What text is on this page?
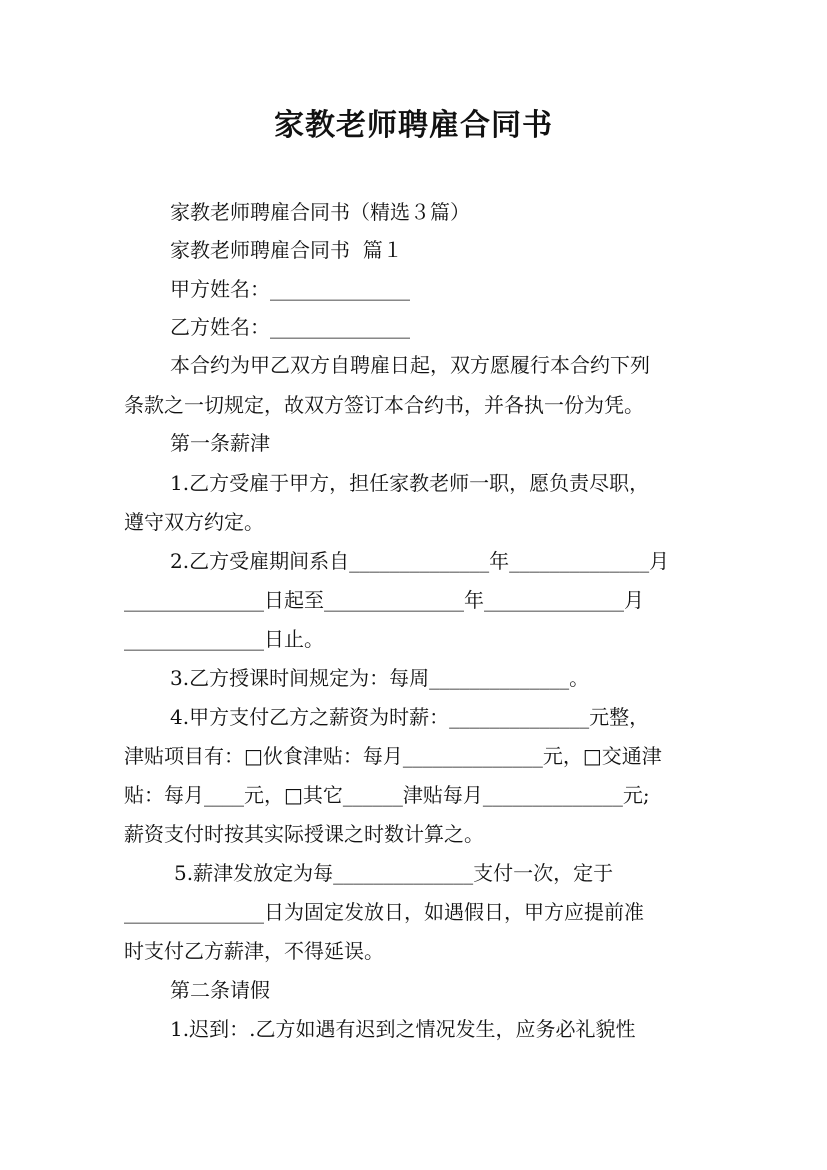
家教老师聘雇合同书
家教老师聘雇合同书（精选３篇）
家教老师聘雇合同书  篇１
甲方姓名：______________
乙方姓名：______________
本合约为甲乙双方自聘雇日起，双方愿履行本合约下列
条款之一切规定，故双方签订本合约书，并各执一份为凭。
第一条薪津
1.乙方受雇于甲方，担任家教老师一职，愿负责尽职，
遵守双方约定。
2.乙方受雇期间系自______________年______________月
______________日起至______________年______________月
______________日止。
3.乙方授课时间规定为：每周______________。
4.甲方支付乙方之薪资为时薪：______________元整，
津贴项目有：□伙食津贴：每月______________元，□交通津
贴：每月____元，□其它______津贴每月______________元;
薪资支付时按其实际授课之时数计算之。
5.薪津发放定为每______________支付一次，定于
______________日为固定发放日，如遇假日，甲方应提前准
时支付乙方薪津，不得延误。
第二条请假
1.迟到：.乙方如遇有迟到之情况发生，应务必礼貌性
